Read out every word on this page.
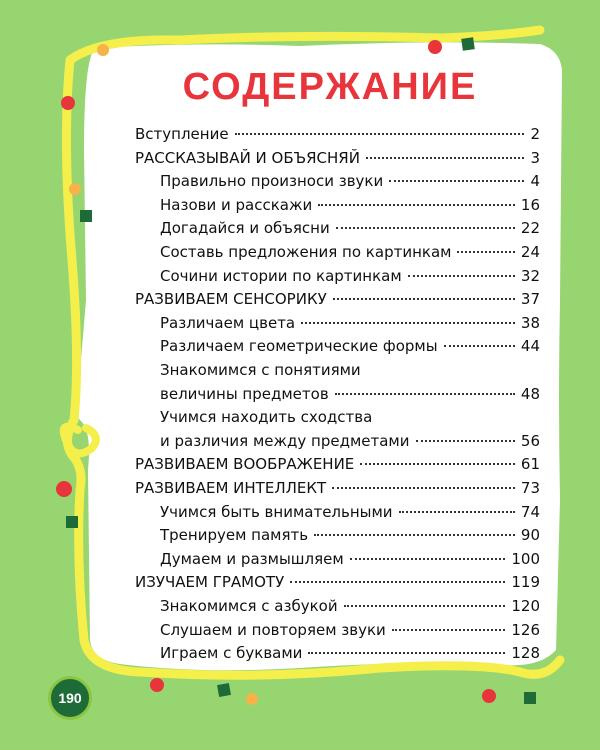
СОДЕРЖАНИЕ
Вступление	2
РАССКАЗЫВАЙ И ОБЪЯСНЯЙ	3
Правильно произноси звуки	4
Назови и расскажи	16
Догадайся и объясни	22
Составь предложения по картинкам	24
Сочини истории по картинкам	32
РАЗВИВАЕМ СЕНСОРИКУ	37
Различаем цвета	38
Различаем геометрические формы	44
Знакомимся с понятиями
величины предметов	48
Учимся находить сходства
и различия между предметами	56
РАЗВИВАЕМ ВООБРАЖЕНИЕ	61
РАЗВИВАЕМ ИНТЕЛЛЕКТ	73
Учимся быть внимательными	74
Тренируем память	90
Думаем и размышляем	100
ИЗУЧАЕМ ГРАМОТУ	119
Знакомимся с азбукой	120
Слушаем и повторяем звуки	126
Играем с буквами	128
190
